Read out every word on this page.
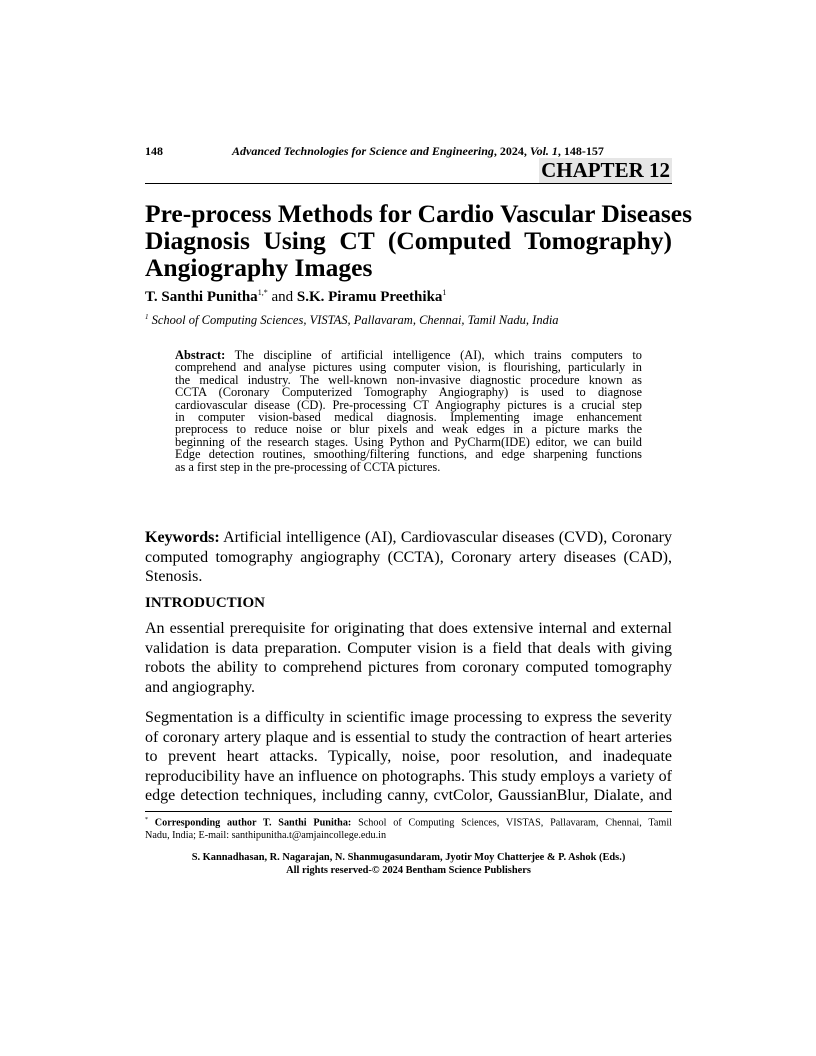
148	Advanced Technologies for Science and Engineering, 2024, Vol. 1, 148-157
CHAPTER 12
Pre-process Methods for Cardio Vascular Diseases
Diagnosis Using CT (Computed Tomography)
Angiography Images
T. Santhi Punitha$^{1,*}$ and S.K. Piramu Preethika$^1$
$^1$ School of Computing Sciences, VISTAS, Pallavaram, Chennai, Tamil Nadu, India
Abstract: The discipline of artificial intelligence (AI), which trains computers to
comprehend and analyse pictures using computer vision, is flourishing, particularly in
the medical industry. The well-known non-invasive diagnostic procedure known as
CCTA (Coronary Computerized Tomography Angiography) is used to diagnose
cardiovascular disease (CD). Pre-processing CT Angiography pictures is a crucial step
in computer vision-based medical diagnosis. Implementing image enhancement
preprocess to reduce noise or blur pixels and weak edges in a picture marks the
beginning of the research stages. Using Python and PyCharm(IDE) editor, we can build
Edge detection routines, smoothing/filtering functions, and edge sharpening functions
as a first step in the pre-processing of CCTA pictures.
Keywords: Artificial intelligence (AI), Cardiovascular diseases (CVD), Coronary
computed tomography angiography (CCTA), Coronary artery diseases (CAD),
Stenosis.
INTRODUCTION
An essential prerequisite for originating that does extensive internal and external
validation is data preparation. Computer vision is a field that deals with giving
robots the ability to comprehend pictures from coronary computed tomography
and angiography.
Segmentation is a difficulty in scientific image processing to express the severity
of coronary artery plaque and is essential to study the contraction of heart arteries
to prevent heart attacks. Typically, noise, poor resolution, and inadequate
reproducibility have an influence on photographs. This study employs a variety of
edge detection techniques, including canny, cvtColor, GaussianBlur, Dialate, and
* Corresponding author T. Santhi Punitha: School of Computing Sciences, VISTAS, Pallavaram, Chennai, Tamil
Nadu, India; E-mail: santhipunitha.t@amjaincollege.edu.in
S. Kannadhasan, R. Nagarajan, N. Shanmugasundaram, Jyotir Moy Chatterjee & P. Ashok (Eds.)
All rights reserved-© 2024 Bentham Science Publishers
